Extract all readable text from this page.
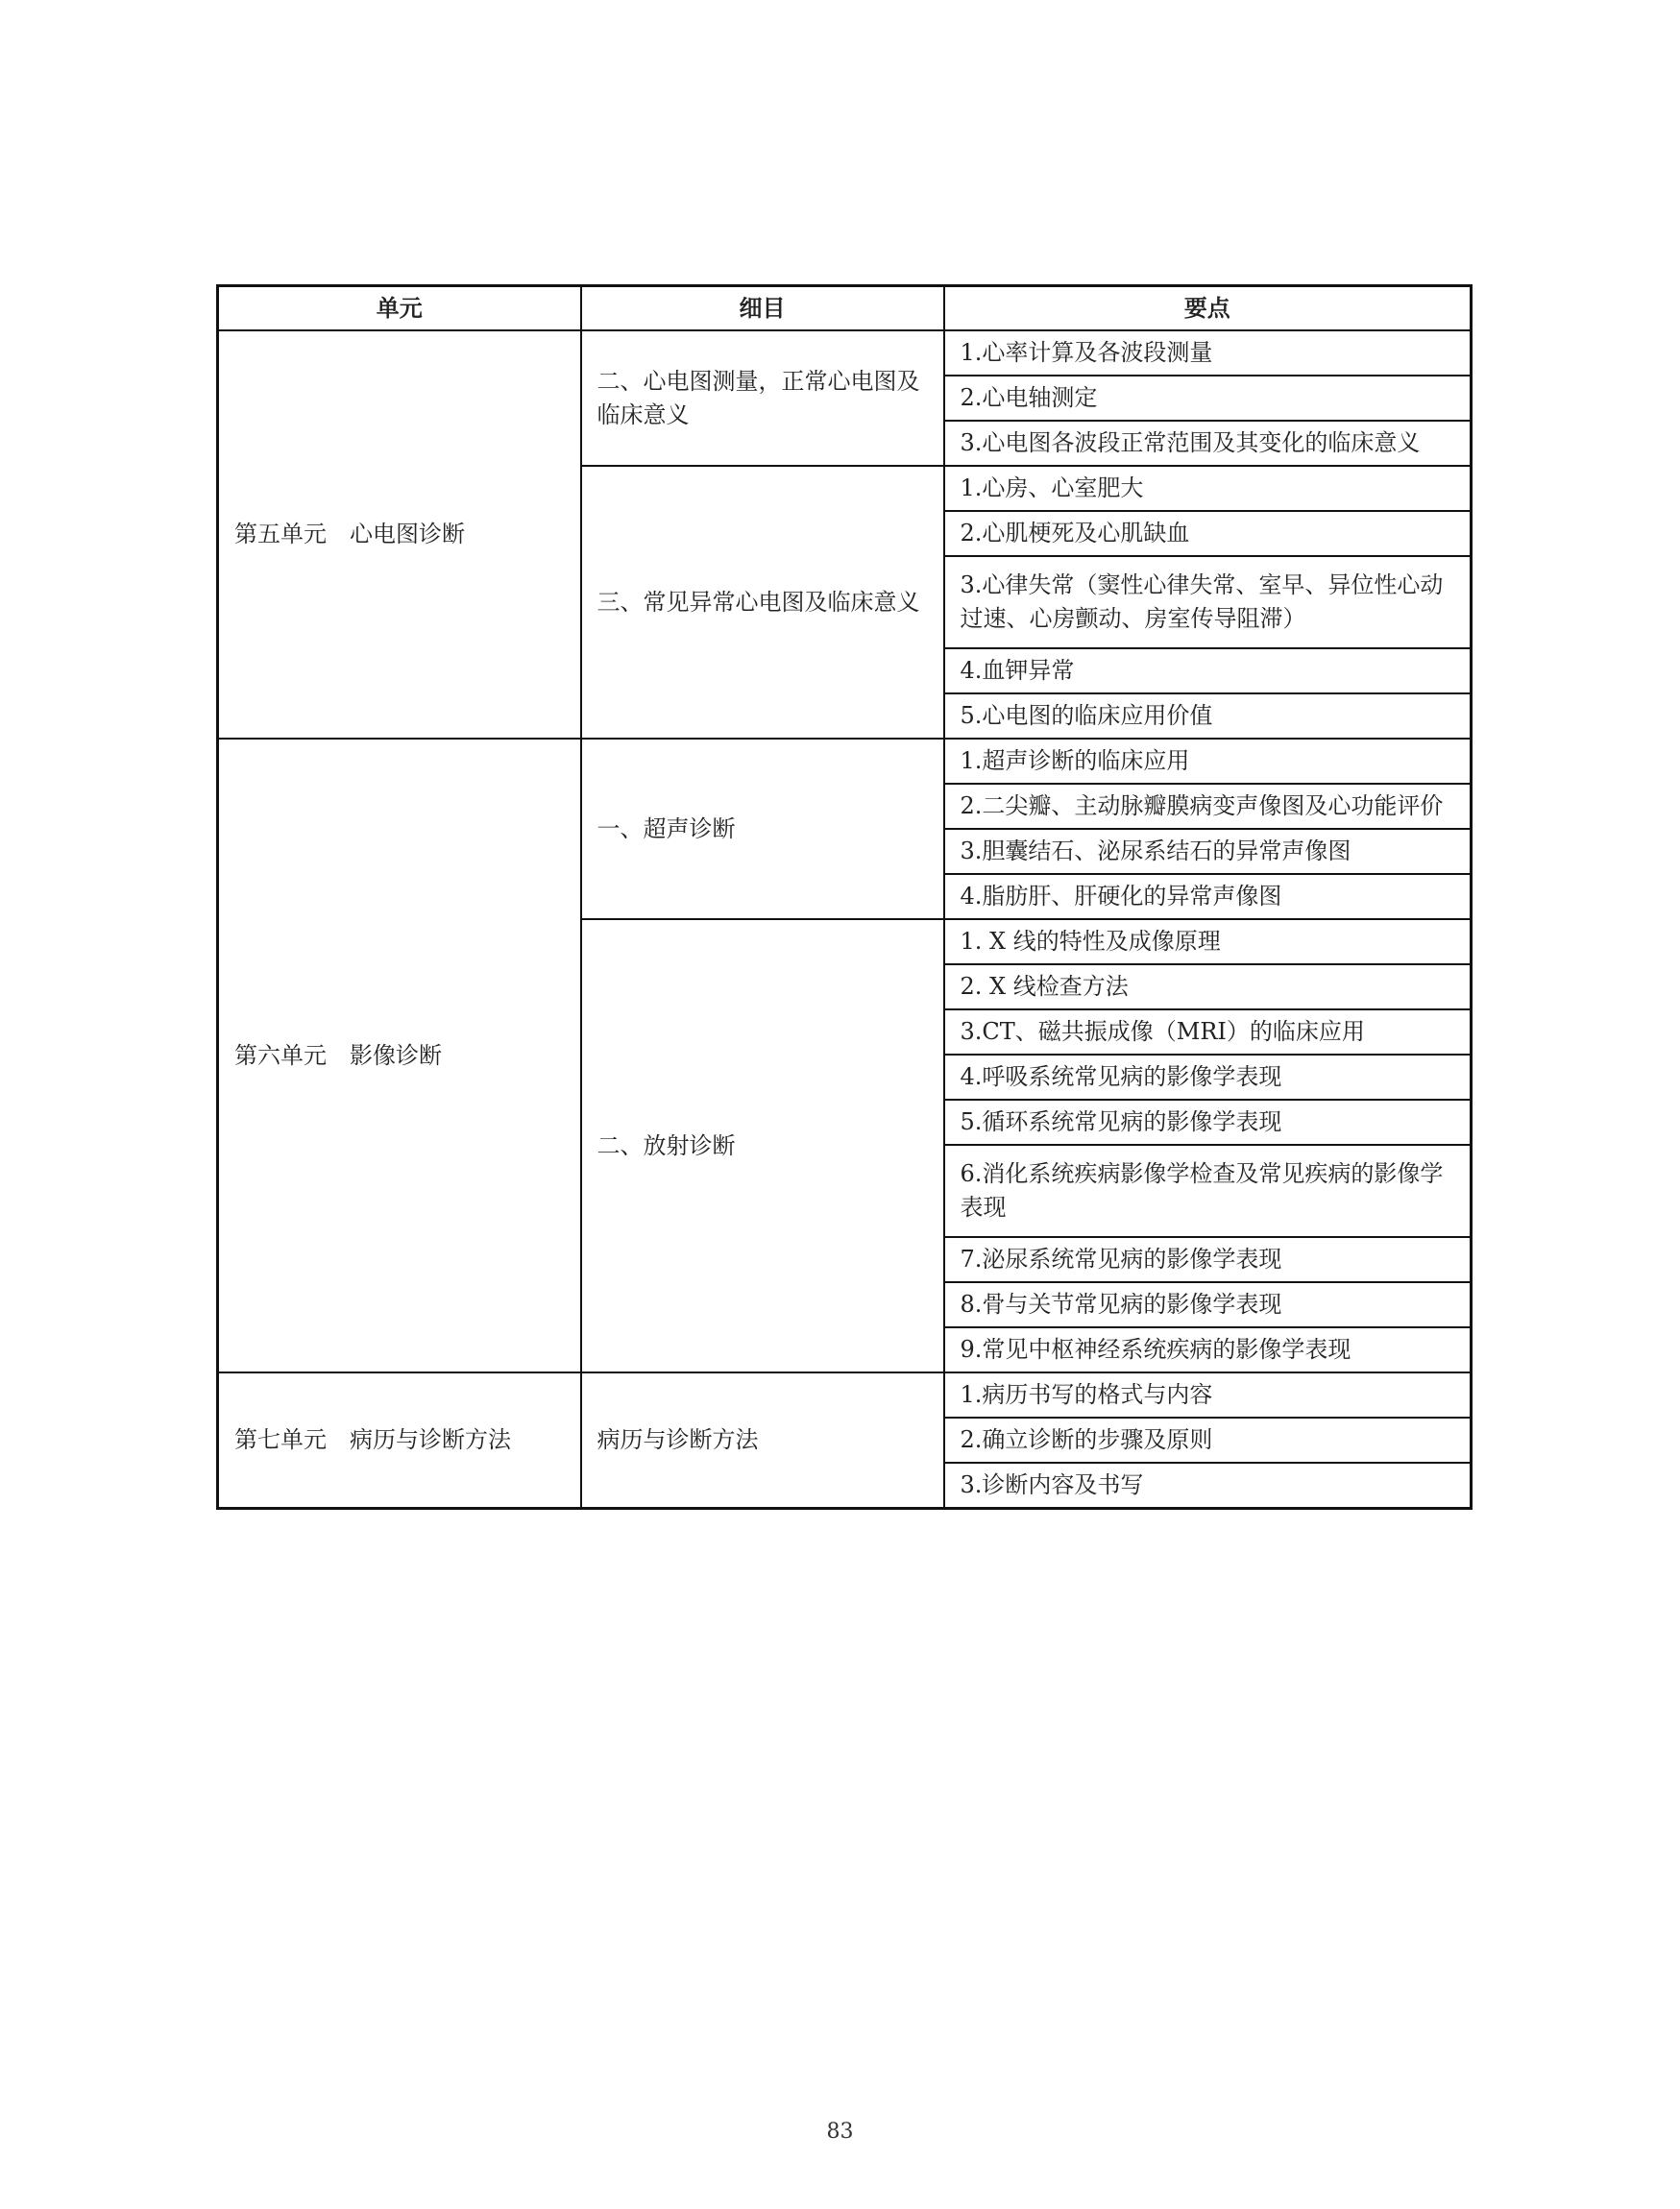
单元	细目	要点
第五单元　心电图诊断	二、心电图测量，正常心电图及临床意义	1.心率计算及各波段测量
		2.心电轴测定
		3.心电图各波段正常范围及其变化的临床意义
	三、常见异常心电图及临床意义	1.心房、心室肥大
		2.心肌梗死及心肌缺血
		3.心律失常（窦性心律失常、室早、异位性心动过速、心房颤动、房室传导阻滞）
		4.血钾异常
		5.心电图的临床应用价值
第六单元　影像诊断	一、超声诊断	1.超声诊断的临床应用
		2.二尖瓣、主动脉瓣膜病变声像图及心功能评价
		3.胆囊结石、泌尿系结石的异常声像图
		4.脂肪肝、肝硬化的异常声像图
	二、放射诊断	1. X 线的特性及成像原理
		2. X 线检查方法
		3.CT、磁共振成像（MRI）的临床应用
		4.呼吸系统常见病的影像学表现
		5.循环系统常见病的影像学表现
		6.消化系统疾病影像学检查及常见疾病的影像学表现
		7.泌尿系统常见病的影像学表现
		8.骨与关节常见病的影像学表现
		9.常见中枢神经系统疾病的影像学表现
第七单元　病历与诊断方法	病历与诊断方法	1.病历书写的格式与内容
		2.确立诊断的步骤及原则
		3.诊断内容及书写
83
